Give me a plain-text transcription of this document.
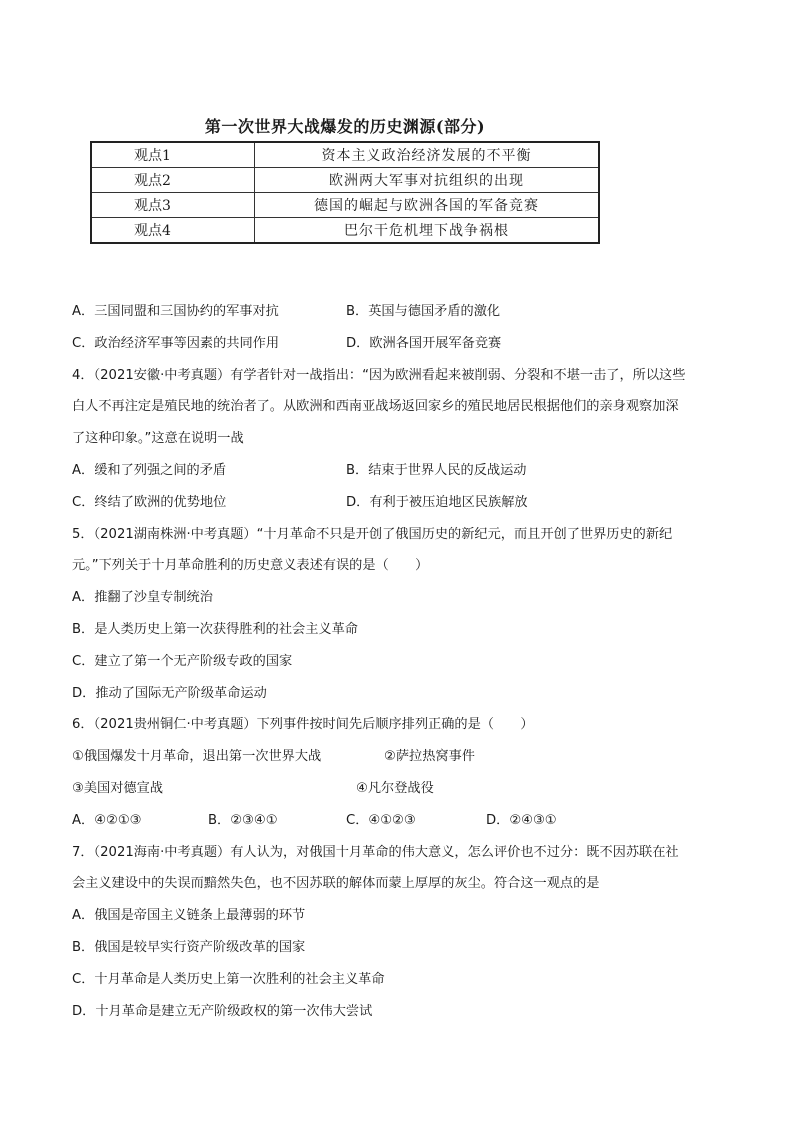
第一次世界大战爆发的历史渊源(部分)
观点1	资本主义政治经济发展的不平衡
观点2	欧洲两大军事对抗组织的出现
观点3	德国的崛起与欧洲各国的军备竞赛
观点4	巴尔干危机埋下战争祸根
A．三国同盟和三国协约的军事对抗	B．英国与德国矛盾的激化
C．政治经济军事等因素的共同作用	D．欧洲各国开展军备竞赛
4．（2021安徽·中考真题）有学者针对一战指出：“因为欧洲看起来被削弱、分裂和不堪一击了，所以这些
白人不再注定是殖民地的统治者了。从欧洲和西南亚战场返回家乡的殖民地居民根据他们的亲身观察加深
了这种印象。”这意在说明一战
A．缓和了列强之间的矛盾	B．结束于世界人民的反战运动
C．终结了欧洲的优势地位	D．有利于被压迫地区民族解放
5．（2021湖南株洲·中考真题）“十月革命不只是开创了俄国历史的新纪元，而且开创了世界历史的新纪
元。”下列关于十月革命胜利的历史意义表述有误的是（　　）
A．推翻了沙皇专制统治
B．是人类历史上第一次获得胜利的社会主义革命
C．建立了第一个无产阶级专政的国家
D．推动了国际无产阶级革命运动
6．（2021贵州铜仁·中考真题）下列事件按时间先后顺序排列正确的是（　　）
①俄国爆发十月革命，退出第一次世界大战	②萨拉热窝事件
③美国对德宣战	④凡尔登战役
A．④②①③	B．②③④①	C．④①②③	D．②④③①
7．（2021海南·中考真题）有人认为，对俄国十月革命的伟大意义，怎么评价也不过分：既不因苏联在社
会主义建设中的失误而黯然失色，也不因苏联的解体而蒙上厚厚的灰尘。符合这一观点的是
A．俄国是帝国主义链条上最薄弱的环节
B．俄国是较早实行资产阶级改革的国家
C．十月革命是人类历史上第一次胜利的社会主义革命
D．十月革命是建立无产阶级政权的第一次伟大尝试
